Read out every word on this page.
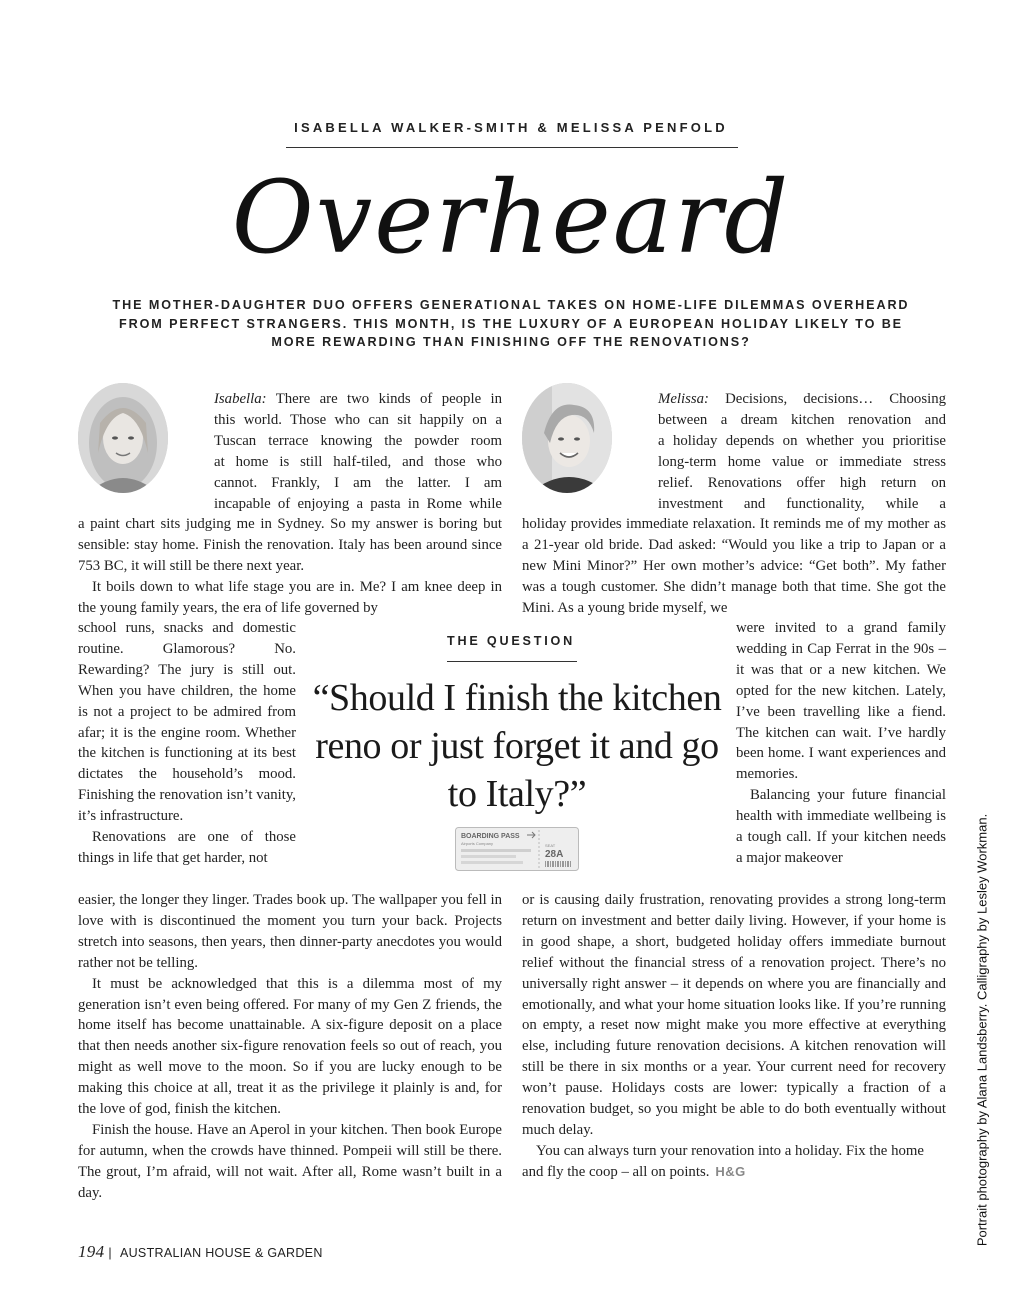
ISABELLA WALKER-SMITH & MELISSA PENFOLD
Overheard
THE MOTHER-DAUGHTER DUO OFFERS GENERATIONAL TAKES ON HOME-LIFE DILEMMAS OVERHEARD FROM PERFECT STRANGERS. THIS MONTH, IS THE LUXURY OF A EUROPEAN HOLIDAY LIKELY TO BE MORE REWARDING THAN FINISHING OFF THE RENOVATIONS?

Isabella: There are two kinds of people in

this world. Those who can sit happily on a

Tuscan terrace knowing the powder room

at home is still half-tiled, and those who

cannot. Frankly, I am the latter. I am

incapable of enjoying a pasta in Rome while

a paint chart sits judging me in Sydney. So my answer is boring but sensible: stay home. Finish the renovation. Italy has been around since 753 BC, it will still be there next year.

It boils down to what life stage you are in. Me? I am knee deep in the young family years, the era of life governed by

school runs, snacks and domestic routine. Glamorous? No. Rewarding? The jury is still out. When you have children, the home is not a project to be admired from afar; it is the engine room. Whether the kitchen is functioning at its best dictates the household’s mood. Finishing the renovation isn’t vanity, it’s infrastructure.

Renovations are one of those things in life that get harder, not

easier, the longer they linger. Trades book up. The wallpaper you fell in love with is discontinued the moment you turn your back. Projects stretch into seasons, then years, then dinner-party anecdotes you would rather not be telling.

It must be acknowledged that this is a dilemma most of my generation isn’t even being offered. For many of my Gen Z friends, the home itself has become unattainable. A six-figure deposit on a place that then needs another six-figure renovation feels so out of reach, you might as well move to the moon. So if you are lucky enough to be making this choice at all, treat it as the privilege it plainly is and, for the love of god, finish the kitchen.

Finish the house. Have an Aperol in your kitchen. Then book Europe for autumn, when the crowds have thinned. Pompeii will still be there. The grout, I’m afraid, will not wait. After all, Rome wasn’t built in a day.

Melissa: Decisions, decisions… Choosing

between a dream kitchen renovation and

a holiday depends on whether you prioritise

long-term home value or immediate stress

relief. Renovations offer high return on

investment and functionality, while a

holiday provides immediate relaxation. It reminds me of my mother as a 21-year old bride. Dad asked: “Would you like a trip to Japan or a new Mini Minor?” Her own mother’s advice: “Get both”. My father was a tough customer. She didn’t manage both that time. She got the Mini. As a young bride myself, we

were invited to a grand family wedding in Cap Ferrat in the 90s – it was that or a new kitchen. We opted for the new kitchen. Lately, I’ve been travelling like a fiend. The kitchen can wait. I’ve hardly been home. I want experiences and memories.

Balancing your future financial health with immediate wellbeing is a tough call. If your kitchen needs a major makeover

or is causing daily frustration, renovating provides a strong long-term return on investment and better daily living. However, if your home is in good shape, a short, budgeted holiday offers immediate burnout relief without the financial stress of a renovation project. There’s no universally right answer – it depends on where you are financially and emotionally, and what your home situation looks like. If you’re running on empty, a reset now might make you more effective at everything else, including future renovation decisions. A kitchen renovation will still be there in six months or a year. Your current need for recovery won’t pause. Holidays costs are lower: typically a fraction of a renovation budget, so you might be able to do both eventually without much delay.

You can always turn your renovation into a holiday. Fix the home and fly the coop – all on points. H&G

THE QUESTION
“Should I finish the kitchen reno or just forget it and go to Italy?”
BOARDING PASS
Airports Company	SEAT
28A	Portrait photography by Alana Landsberry. Calligraphy by Lesley Workman.
194 | AUSTRALIAN HOUSE & GARDEN
